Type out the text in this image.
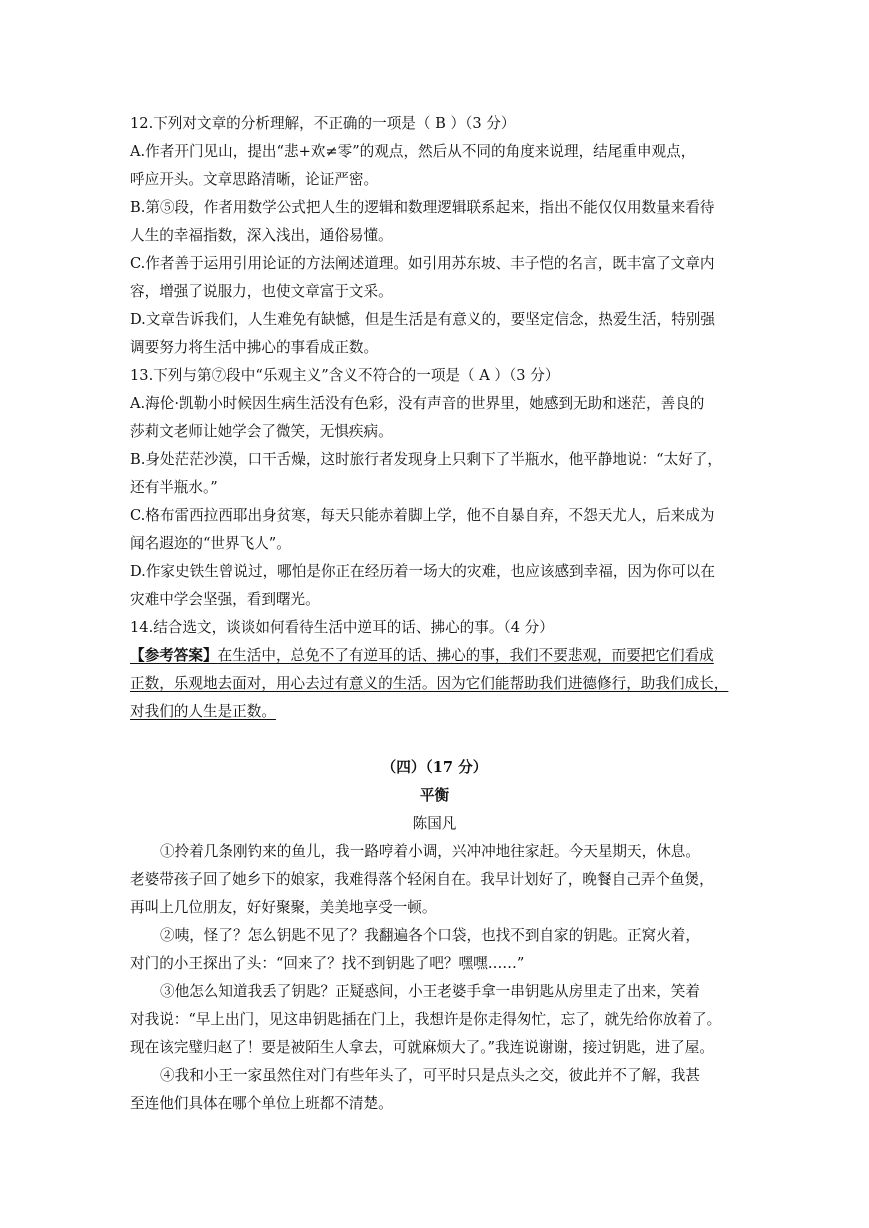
12.下列对文章的分析理解，不正确的一项是（ B ）（3 分）
A.作者开门见山，提出“悲+欢≠零”的观点，然后从不同的角度来说理，结尾重申观点，
呼应开头。文章思路清晰，论证严密。
B.第⑤段，作者用数学公式把人生的逻辑和数理逻辑联系起来，指出不能仅仅用数量来看待
人生的幸福指数，深入浅出，通俗易懂。
C.作者善于运用引用论证的方法阐述道理。如引用苏东坡、丰子恺的名言，既丰富了文章内
容，增强了说服力，也使文章富于文采。
D.文章告诉我们，人生难免有缺憾，但是生活是有意义的，要坚定信念，热爱生活，特别强
调要努力将生活中拂心的事看成正数。
13.下列与第⑦段中“乐观主义”含义不符合的一项是（ A ）（3 分）
A.海伦·凯勒小时候因生病生活没有色彩，没有声音的世界里，她感到无助和迷茫，善良的
莎莉文老师让她学会了微笑，无惧疾病。
B.身处茫茫沙漠，口干舌燥，这时旅行者发现身上只剩下了半瓶水，他平静地说：“太好了，
还有半瓶水。”
C.格布雷西拉西耶出身贫寒，每天只能赤着脚上学，他不自暴自弃，不怨天尤人，后来成为
闻名遐迩的“世界飞人”。
D.作家史铁生曾说过，哪怕是你正在经历着一场大的灾难，也应该感到幸福，因为你可以在
灾难中学会坚强，看到曙光。
14.结合选文，谈谈如何看待生活中逆耳的话、拂心的事。（4 分）
【参考答案】在生活中，总免不了有逆耳的话、拂心的事，我们不要悲观，而要把它们看成
正数，乐观地去面对，用心去过有意义的生活。因为它们能帮助我们进德修行，助我们成长，
对我们的人生是正数。
（四）（17 分）
平衡
陈国凡
①拎着几条刚钓来的鱼儿，我一路哼着小调，兴冲冲地往家赶。今天星期天，休息。
老婆带孩子回了她乡下的娘家，我难得落个轻闲自在。我早计划好了，晚餐自己弄个鱼煲，
再叫上几位朋友，好好聚聚，美美地享受一顿。
②咦，怪了？怎么钥匙不见了？我翻遍各个口袋，也找不到自家的钥匙。正窝火着，
对门的小王探出了头：“回来了？找不到钥匙了吧？嘿嘿……”
③他怎么知道我丢了钥匙？正疑惑间，小王老婆手拿一串钥匙从房里走了出来，笑着
对我说：“早上出门，见这串钥匙插在门上，我想许是你走得匆忙，忘了，就先给你放着了。
现在该完璧归赵了！要是被陌生人拿去，可就麻烦大了。”我连说谢谢，接过钥匙，进了屋。
④我和小王一家虽然住对门有些年头了，可平时只是点头之交，彼此并不了解，我甚
至连他们具体在哪个单位上班都不清楚。
